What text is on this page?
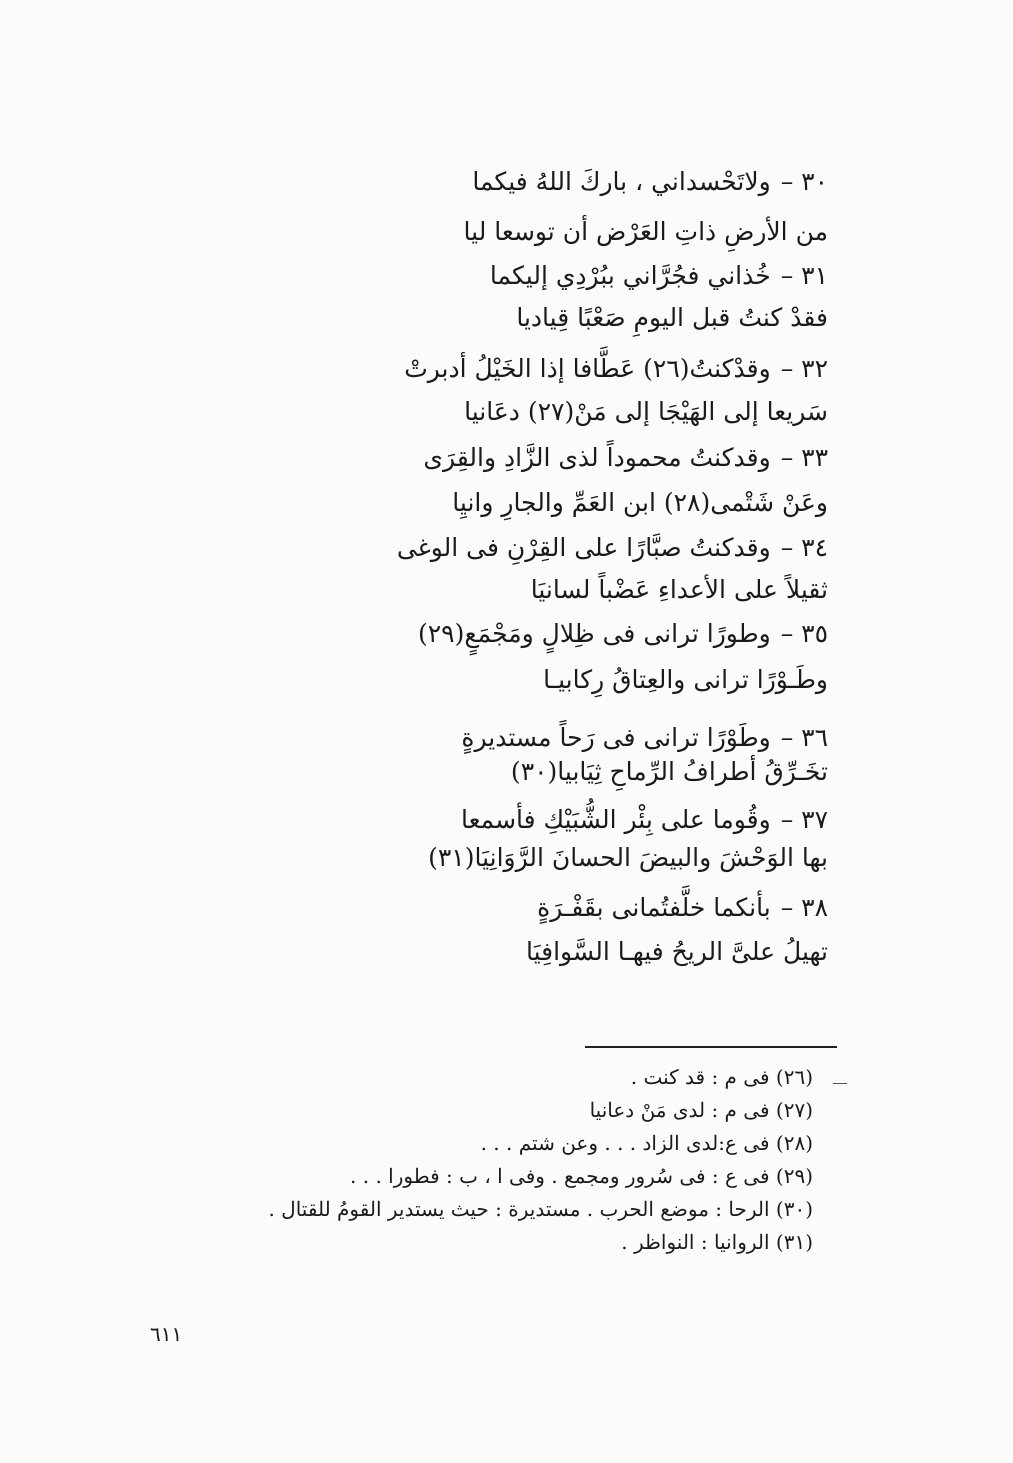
٣٠ –ولاتَحْسداني ، باركَ اللهُ فيكما
من الأرضِ ذاتِ العَرْض أن توسعا ليا
٣١ –خُذاني فجُرَّاني ببُرْدِي إليكما
فقدْ كنتُ قبل اليومِ صَعْبًا قِياديا
٣٢ –وقدْكنتُ(٢٦) عَطَّافا إذا الخَيْلُ أدبرتْ
سَريعا إلى الهَيْجَا إلى مَنْ(٢٧) دعَانيا
٣٣ –وقدكنتُ محموداً لذى الزَّادِ والقِرَى
وعَنْ شَتْمى(٢٨) ابن العَمِّ والجارِ وانيِا
٣٤ –وقدكنتُ صبَّارًا على القِرْنِ فى الوغى
ثقيلاً على الأعداءِ عَضْباً لسانيَا
٣٥ –وطورًا ترانى فى ظِلالٍ ومَجْمَعٍ(٢٩)
وطَـوْرًا ترانى والعِتاقُ رِكابيـا
٣٦ –وطَوْرًا ترانى فى رَحاً مستديرةٍ
تخَـرِّقُ أطرافُ الرِّماحِ ثِيَابيا(٣٠)
٣٧ –وقُوما على بِئْر الشُّبَيْكِ فأسمعا
بها الوَحْشَ والبيضَ الحسانَ الرَّوَانِيَا(٣١)
٣٨ –بأنكما خلَّفتُمانى بقَفْـرَةٍ
تهيلُ علىَّ الريحُ فيهـا السَّوافِيَا
(٢٦) فى م : قد كنت .
(٢٧) فى م : لدى مَنْ دعانيا
(٢٨) فى ع:لدى الزاد . . . وعن شتم . . .
(٢٩) فى ع : فى سُرور ومجمع . وفى ا ، ب : فطورا . . .
(٣٠) الرحا : موضع الحرب . مستديرة : حيث يستدير القومُ للقتال .
(٣١) الروانيا : النواظر .
٦١١
